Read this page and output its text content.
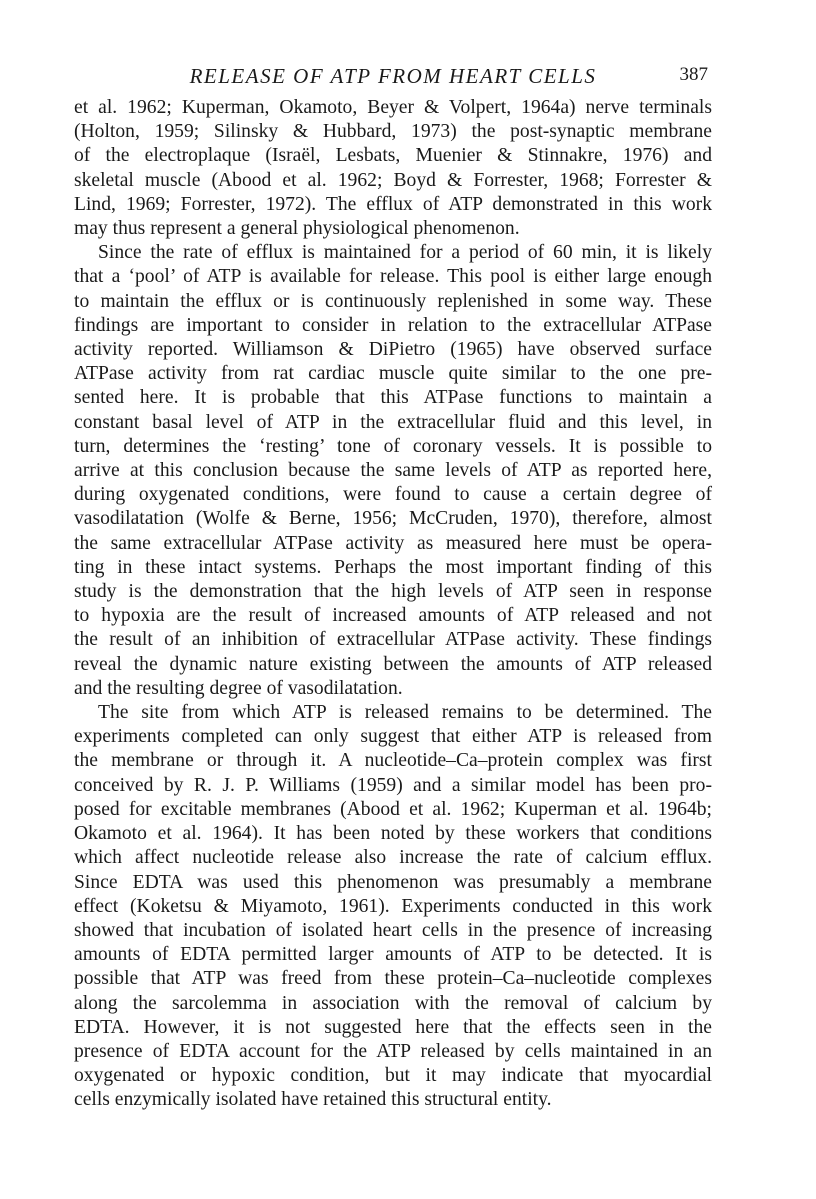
RELEASE OF ATP FROM HEART CELLS	387

et al. 1962; Kuperman, Okamoto, Beyer & Volpert, 1964a) nerve terminals
(Holton, 1959; Silinsky & Hubbard, 1973) the post-synaptic membrane
of the electroplaque (Israël, Lesbats, Muenier & Stinnakre, 1976) and
skeletal muscle (Abood et al. 1962; Boyd & Forrester, 1968; Forrester &
Lind, 1969; Forrester, 1972). The efflux of ATP demonstrated in this work
may thus represent a general physiological phenomenon.

Since the rate of efflux is maintained for a period of 60 min, it is likely
that a ‘pool’ of ATP is available for release. This pool is either large enough
to maintain the efflux or is continuously replenished in some way. These
findings are important to consider in relation to the extracellular ATPase
activity reported. Williamson & DiPietro (1965) have observed surface
ATPase activity from rat cardiac muscle quite similar to the one pre-
sented here. It is probable that this ATPase functions to maintain a
constant basal level of ATP in the extracellular fluid and this level, in
turn, determines the ‘resting’ tone of coronary vessels. It is possible to
arrive at this conclusion because the same levels of ATP as reported here,
during oxygenated conditions, were found to cause a certain degree of
vasodilatation (Wolfe & Berne, 1956; McCruden, 1970), therefore, almost
the same extracellular ATPase activity as measured here must be opera-
ting in these intact systems. Perhaps the most important finding of this
study is the demonstration that the high levels of ATP seen in response
to hypoxia are the result of increased amounts of ATP released and not
the result of an inhibition of extracellular ATPase activity. These findings
reveal the dynamic nature existing between the amounts of ATP released
and the resulting degree of vasodilatation.

The site from which ATP is released remains to be determined. The
experiments completed can only suggest that either ATP is released from
the membrane or through it. A nucleotide–Ca–protein complex was first
conceived by R. J. P. Williams (1959) and a similar model has been pro-
posed for excitable membranes (Abood et al. 1962; Kuperman et al. 1964b;
Okamoto et al. 1964). It has been noted by these workers that conditions
which affect nucleotide release also increase the rate of calcium efflux.
Since EDTA was used this phenomenon was presumably a membrane
effect (Koketsu & Miyamoto, 1961). Experiments conducted in this work
showed that incubation of isolated heart cells in the presence of increasing
amounts of EDTA permitted larger amounts of ATP to be detected. It is
possible that ATP was freed from these protein–Ca–nucleotide complexes
along the sarcolemma in association with the removal of calcium by
EDTA. However, it is not suggested here that the effects seen in the
presence of EDTA account for the ATP released by cells maintained in an
oxygenated or hypoxic condition, but it may indicate that myocardial
cells enzymically isolated have retained this structural entity.
